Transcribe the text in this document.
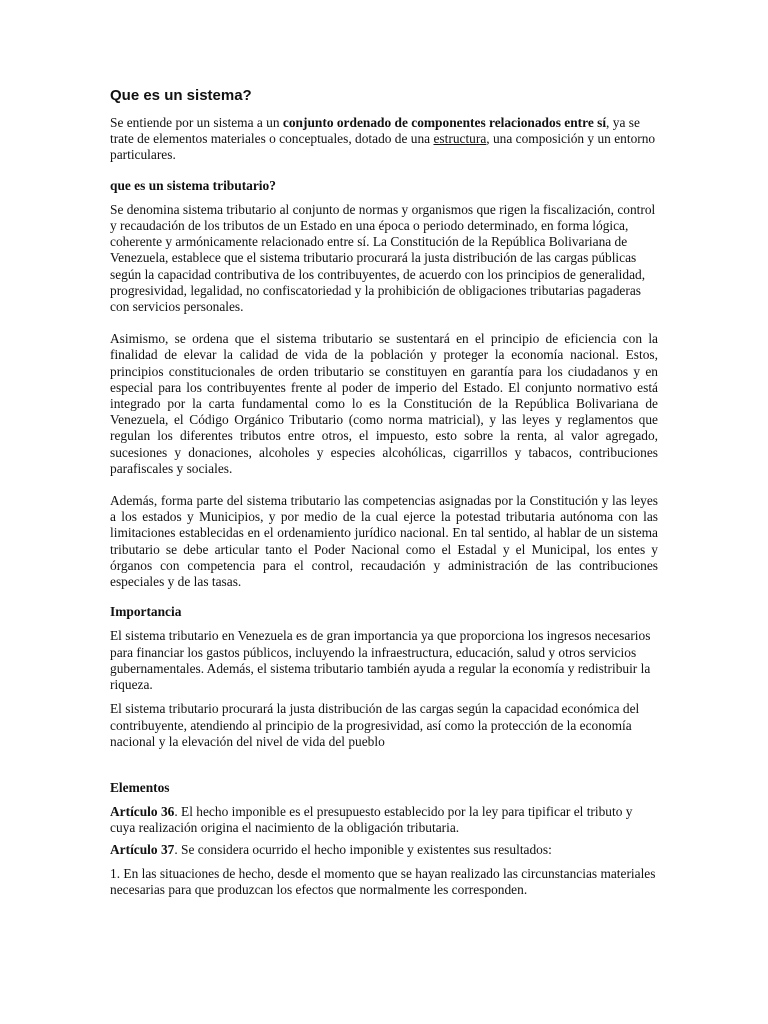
Que es un sistema?

Se entiende por un sistema a un conjunto ordenado de componentes relacionados entre sí, ya se trate de elementos materiales o conceptuales, dotado de una estructura, una composición y un entorno particulares.

que es un sistema tributario?

Se denomina sistema tributario al conjunto de normas y organismos que rigen la fiscalización, control y recaudación de los tributos de un Estado en una época o periodo determinado, en forma lógica, coherente y armónicamente relacionado entre sí. La Constitución de la República Bolivariana de Venezuela, establece que el sistema tributario procurará la justa distribución de las cargas públicas según la capacidad contributiva de los contribuyentes, de acuerdo con los principios de generalidad, progresividad, legalidad, no confiscatoriedad y la prohibición de obligaciones tributarias pagaderas con servicios personales.

Asimismo, se ordena que el sistema tributario se sustentará en el principio de eficiencia con la finalidad de elevar la calidad de vida de la población y proteger la economía nacional. Estos, principios constitucionales de orden tributario se constituyen en garantía para los ciudadanos y en especial para los contribuyentes frente al poder de imperio del Estado. El conjunto normativo está integrado por la carta fundamental como lo es la Constitución de la República Bolivariana de Venezuela, el Código Orgánico Tributario (como norma matricial), y las leyes y reglamentos que regulan los diferentes tributos entre otros, el impuesto, esto sobre la renta, al valor agregado, sucesiones y donaciones, alcoholes y especies alcohólicas, cigarrillos y tabacos, contribuciones parafiscales y sociales.

Además, forma parte del sistema tributario las competencias asignadas por la Constitución y las leyes a los estados y Municipios, y por medio de la cual ejerce la potestad tributaria autónoma con las limitaciones establecidas en el ordenamiento jurídico nacional. En tal sentido, al hablar de un sistema tributario se debe articular tanto el Poder Nacional como el Estadal y el Municipal, los entes y órganos con competencia para el control, recaudación y administración de las contribuciones especiales y de las tasas.

Importancia

El sistema tributario en Venezuela es de gran importancia ya que proporciona los ingresos necesarios para financiar los gastos públicos, incluyendo la infraestructura, educación, salud y otros servicios gubernamentales. Además, el sistema tributario también ayuda a regular la economía y redistribuir la riqueza.

El sistema tributario procurará la justa distribución de las cargas según la capacidad económica del contribuyente, atendiendo al principio de la progresividad, así como la protección de la economía nacional y la elevación del nivel de vida del pueblo

Elementos

Artículo 36. El hecho imponible es el presupuesto establecido por la ley para tipificar el tributo y cuya realización origina el nacimiento de la obligación tributaria.

Artículo 37. Se considera ocurrido el hecho imponible y existentes sus resultados:

1. En las situaciones de hecho, desde el momento que se hayan realizado las circunstancias materiales necesarias para que produzcan los efectos que normalmente les corresponden.
